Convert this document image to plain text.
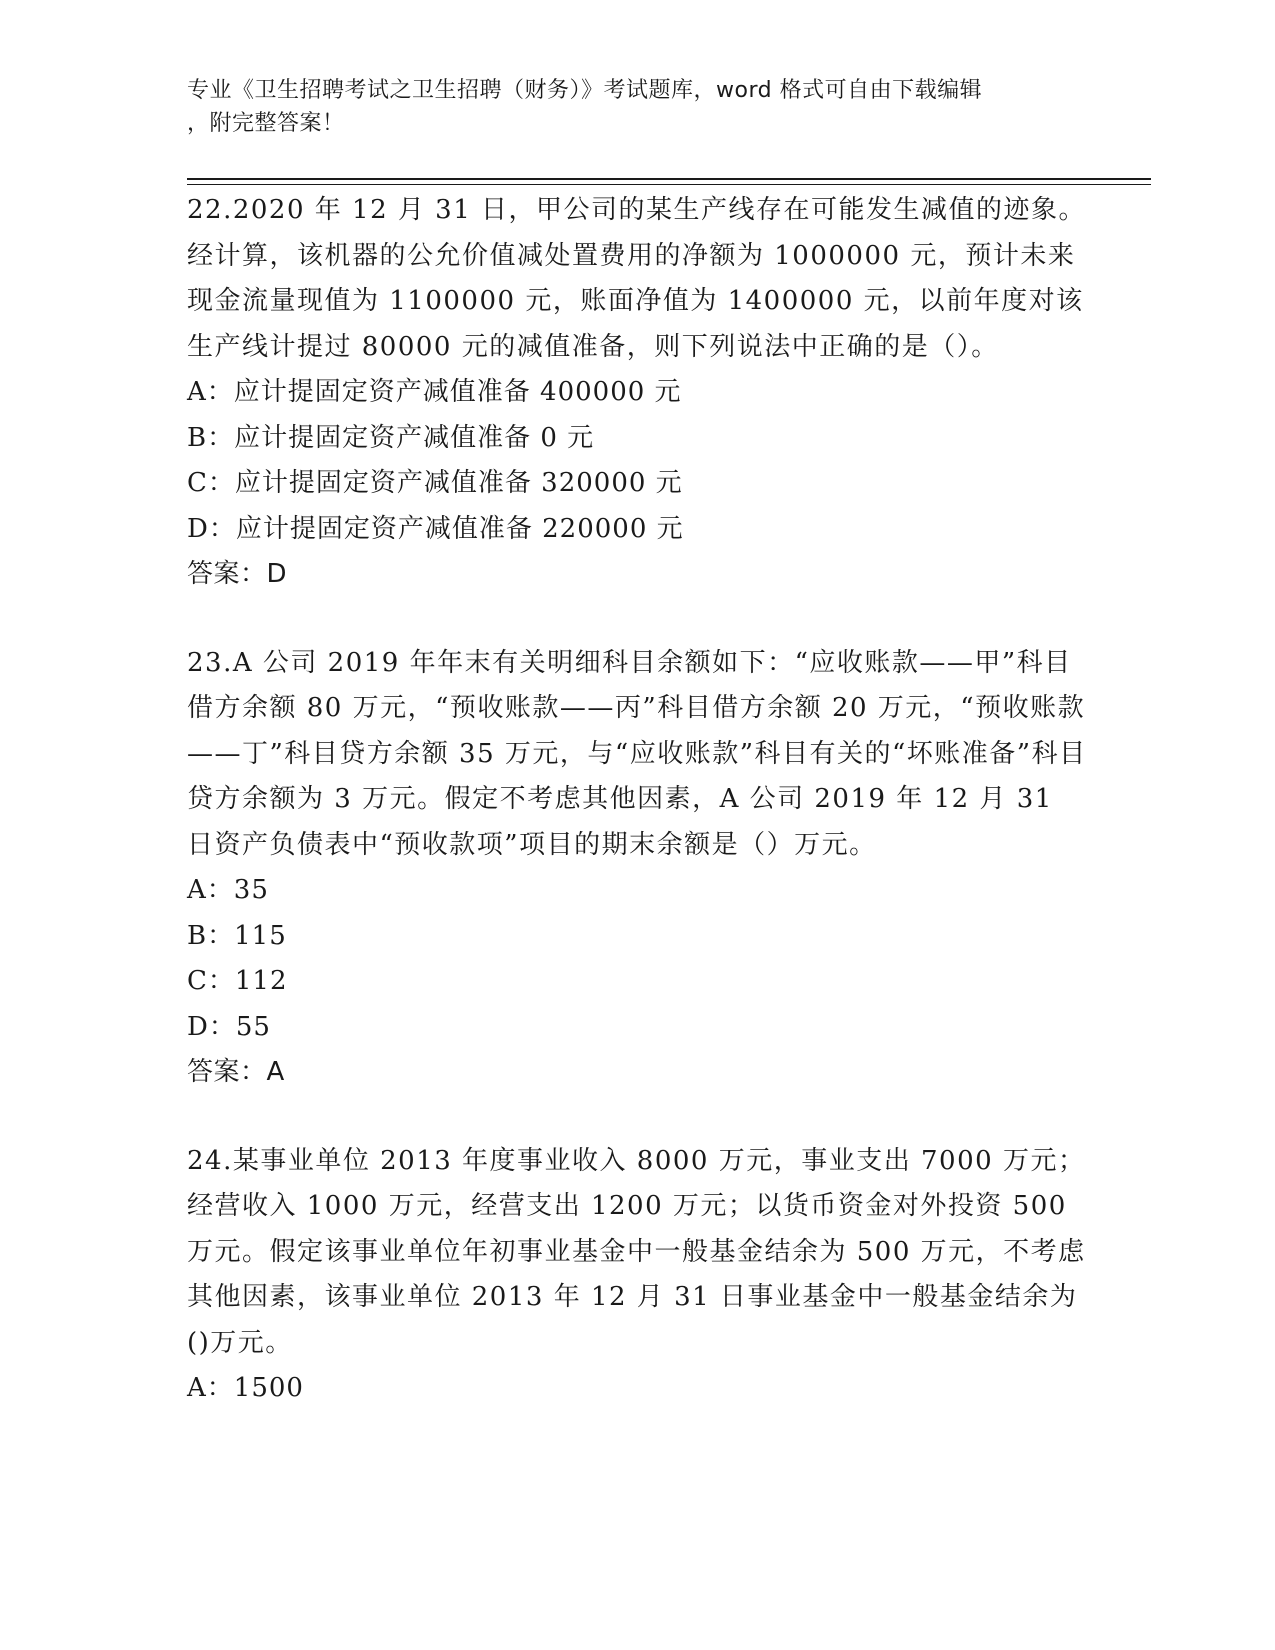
专业《卫生招聘考试之卫生招聘（财务）》考试题库，word 格式可自由下载编辑
，附完整答案！

22.2020 年 12 月 31 日，甲公司的某生产线存在可能发生减值的迹象。经计算，该机器的公允价值减处置费用的净额为 1000000 元，预计未来现金流量现值为 1100000 元，账面净值为 1400000 元，以前年度对该生产线计提过 80000 元的减值准备，则下列说法中正确的是（）。

A：应计提固定资产减值准备 400000 元

B：应计提固定资产减值准备 0 元

C：应计提固定资产减值准备 320000 元

D：应计提固定资产减值准备 220000 元

答案：D

23.A 公司 2019 年年末有关明细科目余额如下：“应收账款——甲”科目借方余额 80 万元，“预收账款——丙”科目借方余额 20 万元，“预收账款——丁”科目贷方余额 35 万元，与“应收账款”科目有关的“坏账准备”科目贷方余额为 3 万元。假定不考虑其他因素，A 公司 2019 年 12 月 31 日资产负债表中“预收款项”项目的期末余额是（）万元。

A：35

B：115

C：112

D：55

答案：A

24.某事业单位 2013 年度事业收入 8000 万元，事业支出 7000 万元；经营收入 1000 万元，经营支出 1200 万元；以货币资金对外投资 500 万元。假定该事业单位年初事业基金中一般基金结余为 500 万元，不考虑其他因素，该事业单位 2013 年 12 月 31 日事业基金中一般基金结余为()万元。

A：1500
